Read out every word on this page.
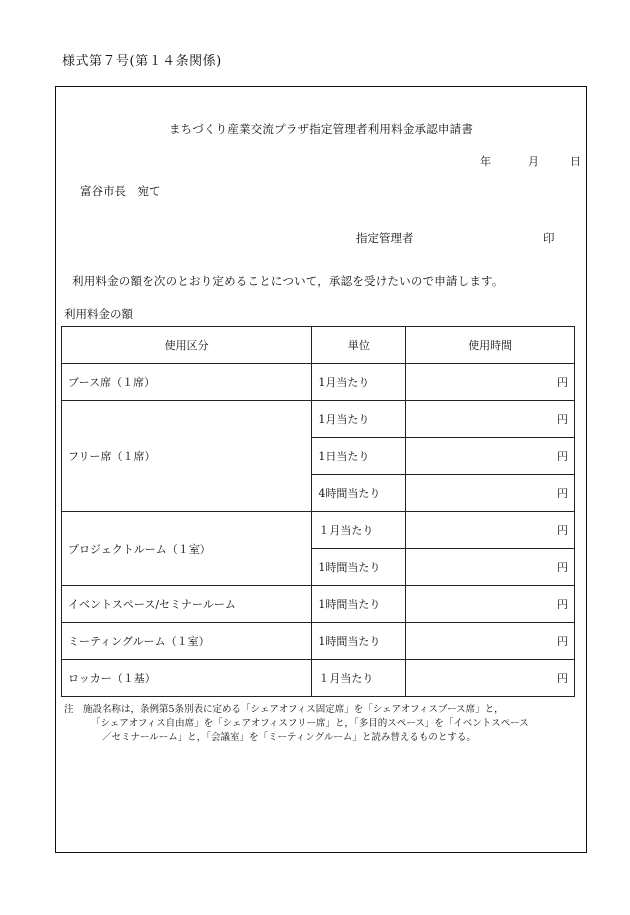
様式第７号(第１４条関係)
まちづくり産業交流プラザ指定管理者利用料金承認申請書
年	月	日
富谷市長　宛て
指定管理者	印
利用料金の額を次のとおり定めることについて，承認を受けたいので申請します。
利用料金の額
使用区分	単位	使用時間
ブース席（１席）	1月当たり	円
フリー席（１席）	1月当たり	円
	1日当たり	円
	4時間当たり	円
プロジェクトルーム（１室）	１月当たり	円
	1時間当たり	円
イベントスペース/セミナールーム	1時間当たり	円
ミーティングルーム（１室）	1時間当たり	円
ロッカー（１基）	１月当たり	円

注　施設名称は，条例第5条別表に定める「シェアオフィス固定席」を「シェアオフィスブース席」と，

「シェアオフィス自由席」を「シェアオフィスフリー席」と，「多目的スペース」を「イベントスペース

／セミナールーム」と，「会議室」を「ミーティングルーム」と読み替えるものとする。
